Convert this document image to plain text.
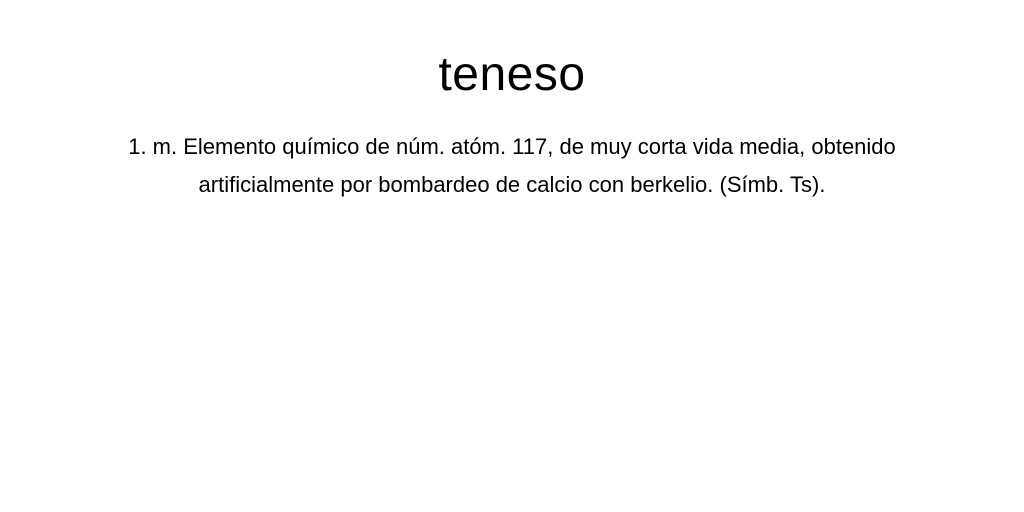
teneso

1. m. Elemento químico de núm. atóm. 117, de muy corta vida media, obtenido artificialmente por bombardeo de calcio con berkelio. (Símb. Ts).
